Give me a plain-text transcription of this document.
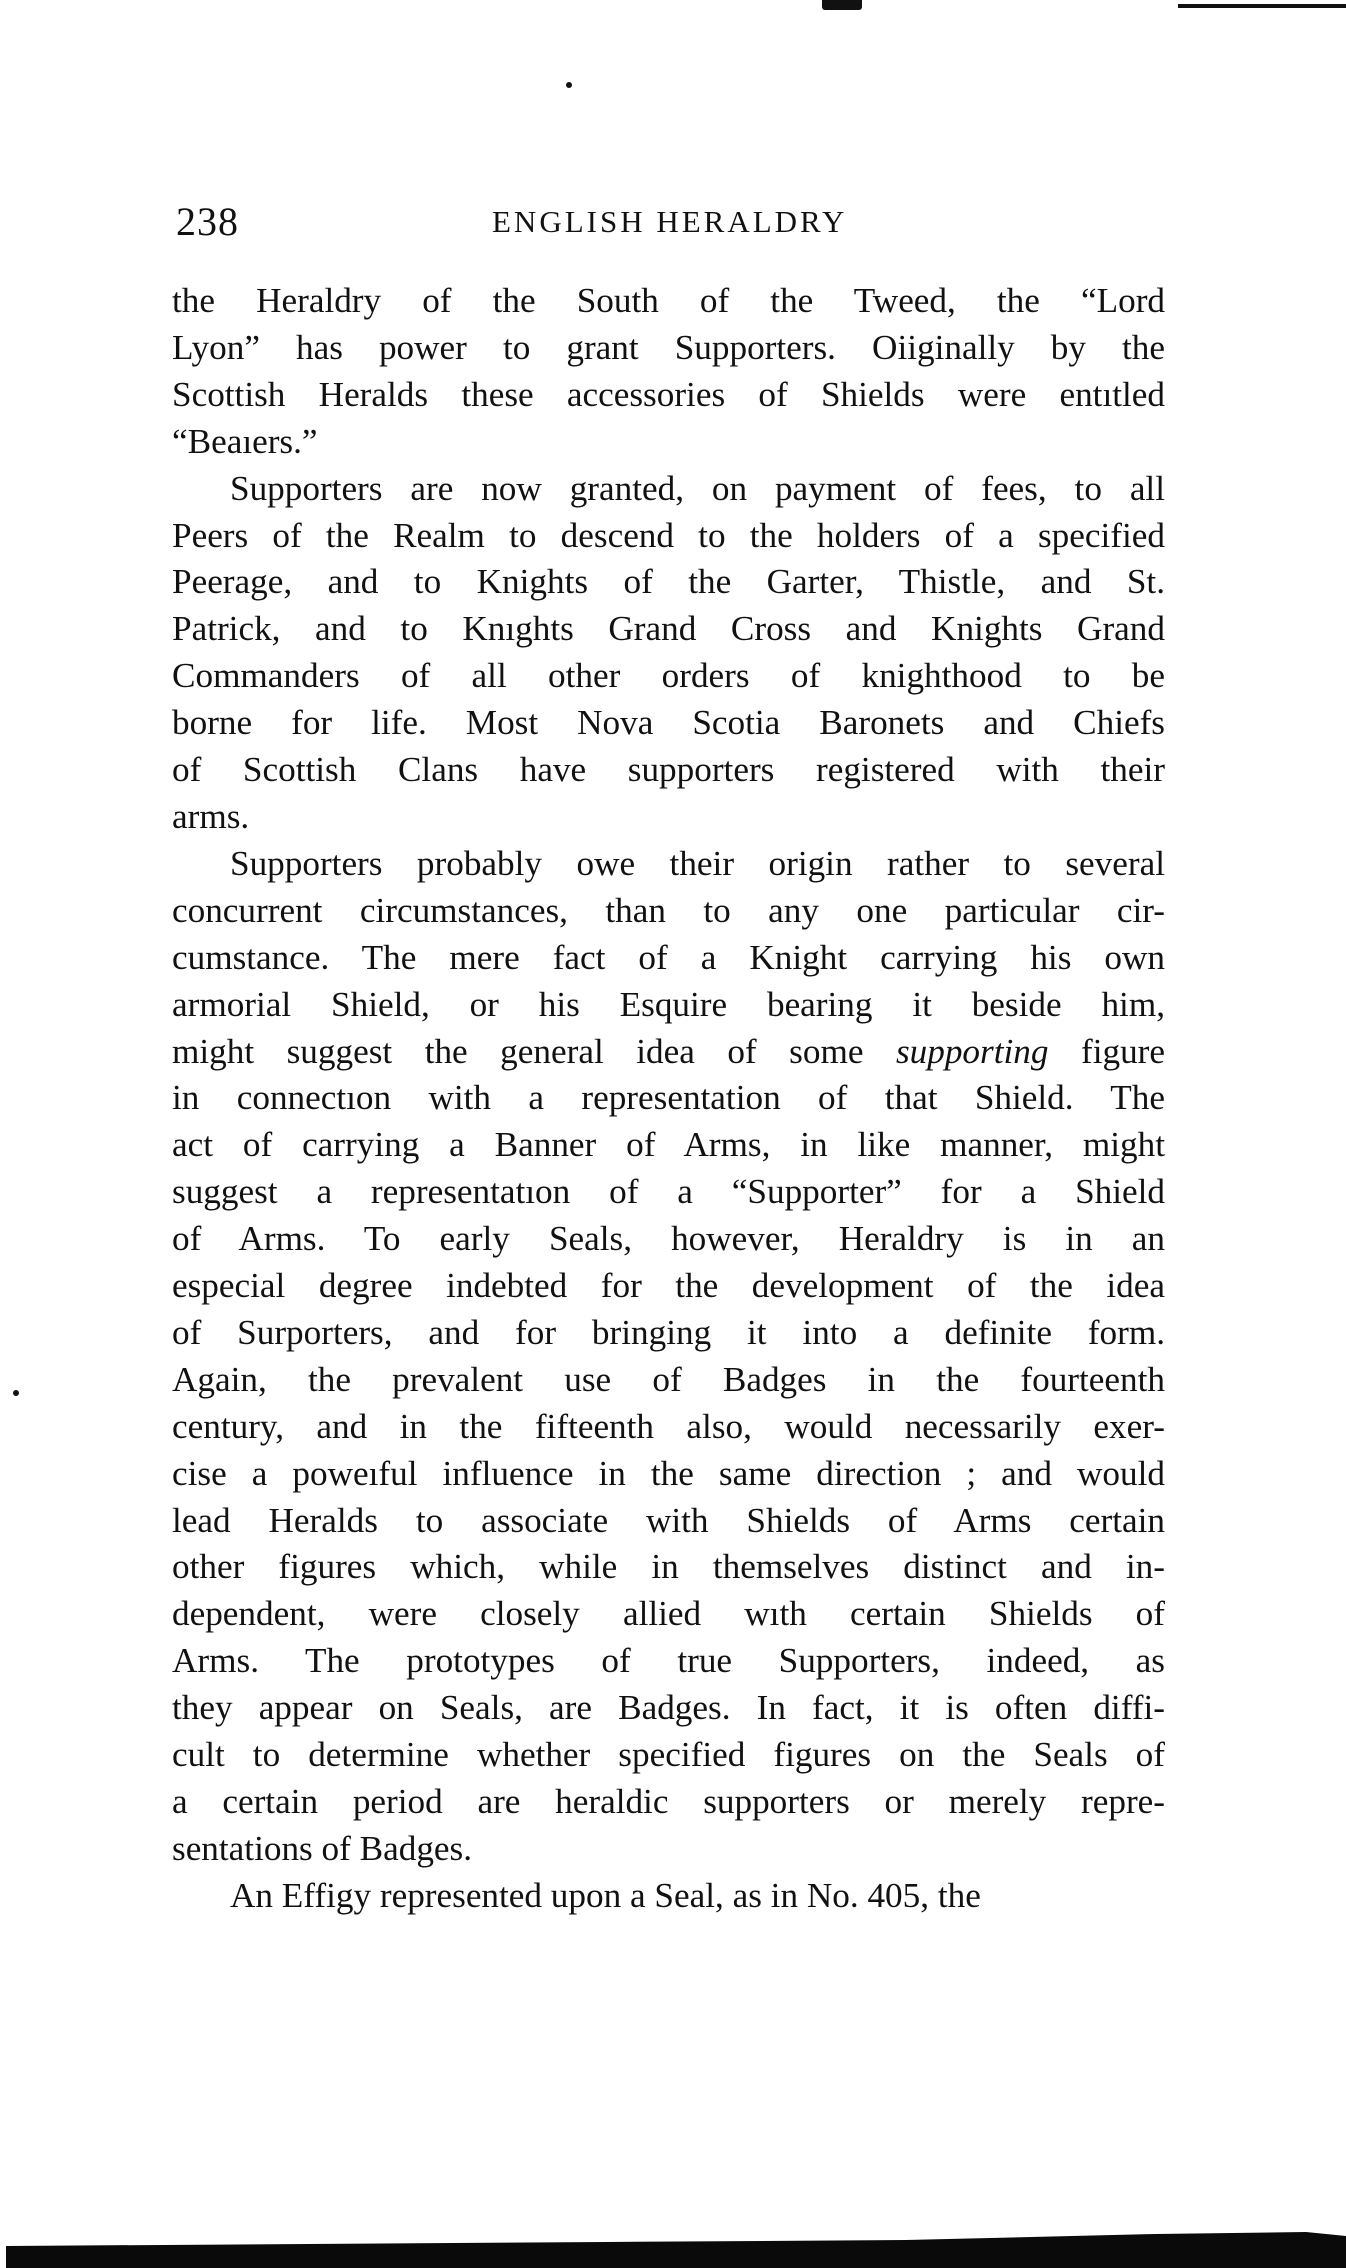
238	ENGLISH HERALDRY

the Heraldry of the South of the Tweed, the “Lord
Lyon” has power to grant Supporters. Oiiginally by the
Scottish Heralds these accessories of Shields were entıtled
“Beaıers.”

Supporters are now granted, on payment of fees, to all
Peers of the Realm to descend to the holders of a specified
Peerage, and to Knights of the Garter, Thistle, and St.
Patrick, and to Knıghts Grand Cross and Knights Grand
Commanders of all other orders of knighthood to be
borne for life. Most Nova Scotia Baronets and Chiefs
of Scottish Clans have supporters registered with their
arms.

Supporters probably owe their origin rather to several
concurrent circumstances, than to any one particular cir-
cumstance. The mere fact of a Knight carrying his own
armorial Shield, or his Esquire bearing it beside him,
might suggest the general idea of some supporting figure
in connectıon with a representation of that Shield. The
act of carrying a Banner of Arms, in like manner, might
suggest a representatıon of a “Supporter” for a Shield
of Arms. To early Seals, however, Heraldry is in an
especial degree indebted for the development of the idea
of Surporters, and for bringing it into a definite form.
Again, the prevalent use of Badges in the fourteenth
century, and in the fifteenth also, would necessarily exer-
cise a poweıful influence in the same direction ; and would
lead Heralds to associate with Shields of Arms certain
other figures which, while in themselves distinct and in-
dependent, were closely allied wıth certain Shields of
Arms. The prototypes of true Supporters, indeed, as
they appear on Seals, are Badges. In fact, it is often diffi-
cult to determine whether specified figures on the Seals of
a certain period are heraldic supporters or merely repre-
sentations of Badges.

An Effigy represented upon a Seal, as in No. 405, the
